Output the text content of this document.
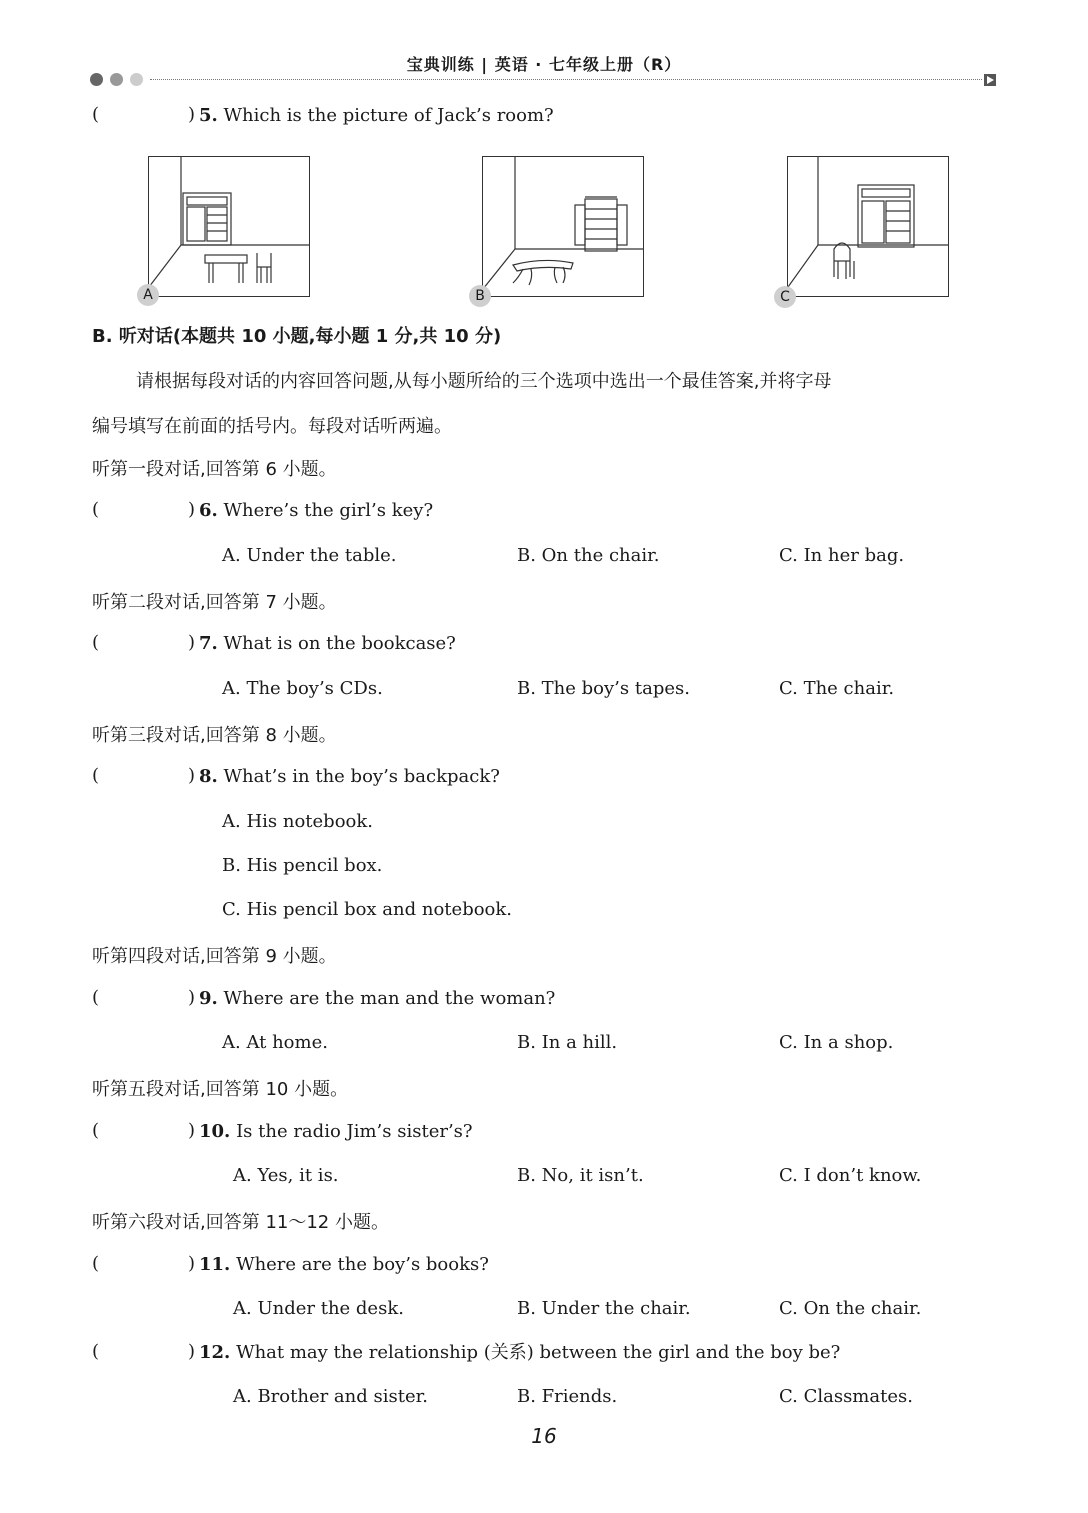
宝典训练 | 英语 · 七年级上册（R）
(	) 5. Which is the picture of Jack’s room?
A	B	C
B. 听对话(本题共 10 小题,每小题 1 分,共 10 分)
请根据每段对话的内容回答问题,从每小题所给的三个选项中选出一个最佳答案,并将字母
编号填写在前面的括号内。每段对话听两遍。
听第一段对话,回答第 6 小题。
(	) 6. Where’s the girl’s key?
A. Under the table.	B. On the chair.	C. In her bag.
听第二段对话,回答第 7 小题。
(	) 7. What is on the bookcase?
A. The boy’s CDs.	B. The boy’s tapes.	C. The chair.
听第三段对话,回答第 8 小题。
(	) 8. What’s in the boy’s backpack?
A. His notebook.
B. His pencil box.
C. His pencil box and notebook.
听第四段对话,回答第 9 小题。
(	) 9. Where are the man and the woman?
A. At home.	B. In a hill.	C. In a shop.
听第五段对话,回答第 10 小题。
(	) 10. Is the radio Jim’s sister’s?
A. Yes, it is.	B. No, it isn’t.	C. I don’t know.
听第六段对话,回答第 11～12 小题。
(	) 11. Where are the boy’s books?
A. Under the desk.	B. Under the chair.	C. On the chair.
(	) 12. What may the relationship (关系) between the girl and the boy be?
A. Brother and sister.	B. Friends.	C. Classmates.
16
